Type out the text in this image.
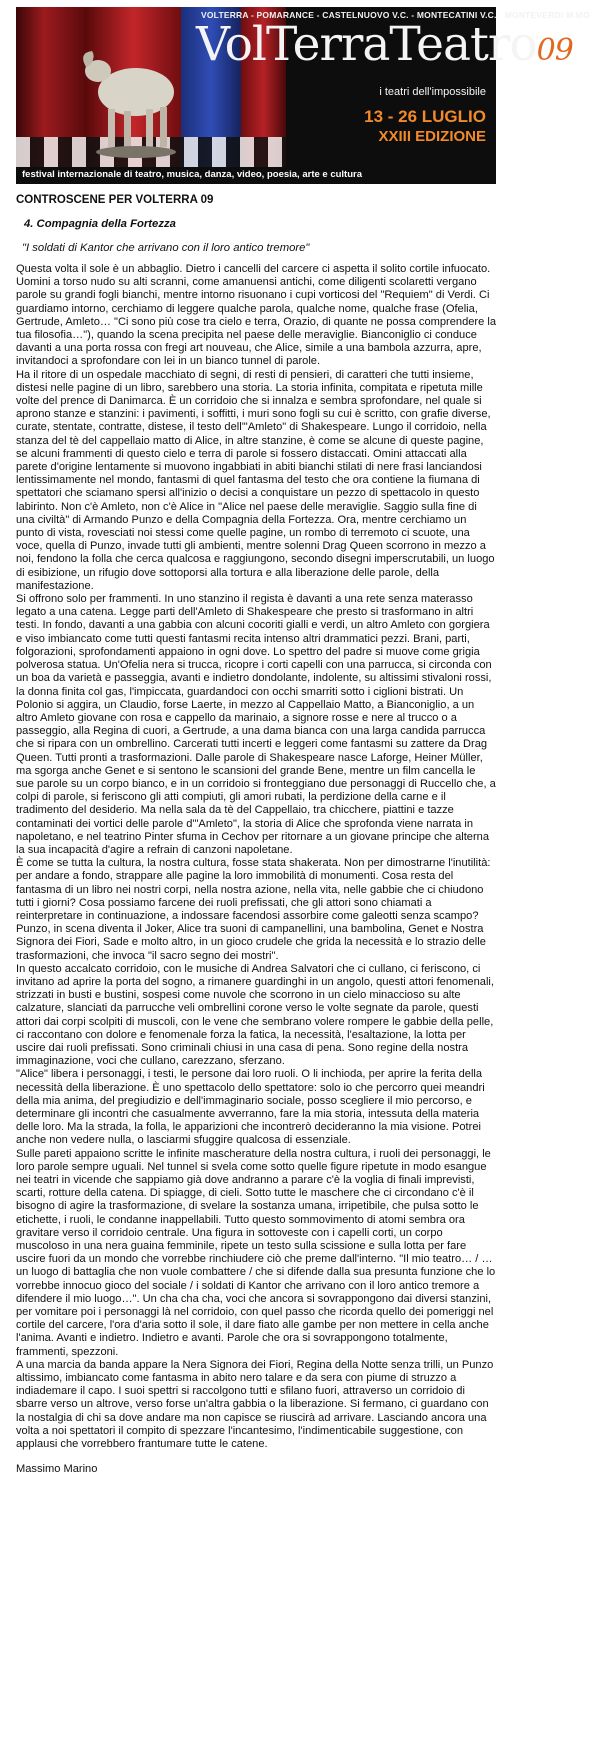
VOLTERRA - POMARANCE - CASTELNUOVO V.C. - MONTECATINI V.C. - MONTEVERDI M.MO
VolTerraTeatro09
i teatri dell'impossibile
13 - 26 LUGLIO
XXIII EDIZIONE
festival internazionale di teatro, musica, danza, video, poesia, arte e cultura
CONTROSCENE PER VOLTERRA 09
4. Compagnia della Fortezza
"I soldati di Kantor che arrivano con il loro antico tremore"

Questa volta il sole è un abbaglio. Dietro i cancelli del carcere ci aspetta il solito cortile infuocato. Uomini a torso nudo su alti scranni, come amanuensi antichi, come diligenti scolaretti vergano parole su grandi fogli bianchi, mentre intorno risuonano i cupi vorticosi del "Requiem" di Verdi. Ci guardiamo intorno, cerchiamo di leggere qualche parola, qualche nome, qualche frase (Ofelia, Gertrude, Amleto… "Ci sono più cose tra cielo e terra, Orazio, di quante ne possa comprendere la tua filosofia…"), quando la scena precipita nel paese delle meraviglie. Bianconiglio ci conduce davanti a una porta rossa con fregi art nouveau, che Alice, simile a una bambola azzurra, apre, invitandoci a sprofondare con lei in un bianco tunnel di parole.

Ha il ritore di un ospedale macchiato di segni, di resti di pensieri, di caratteri che tutti insieme, distesi nelle pagine di un libro, sarebbero una storia. La storia infinita, compitata e ripetuta mille volte del prence di Danimarca. È un corridoio che si innalza e sembra sprofondare, nel quale si aprono stanze e stanzini: i pavimenti, i soffitti, i muri sono fogli su cui è scritto, con grafie diverse, curate, stentate, contratte, distese, il testo dell'"Amleto" di Shakespeare. Lungo il corridoio, nella stanza del tè del cappellaio matto di Alice, in altre stanzine, è come se alcune di queste pagine, se alcuni frammenti di questo cielo e terra di parole si fossero distaccati. Omini attaccati alla parete d'origine lentamente si muovono ingabbiati in abiti bianchi stilati di nere frasi lanciandosi lentissimamente nel mondo, fantasmi di quel fantasma del testo che ora contiene la fiumana di spettatori che sciamano spersi all'inizio o decisi a conquistare un pezzo di spettacolo in questo labirinto. Non c'è Amleto, non c'è Alice in "Alice nel paese delle meraviglie. Saggio sulla fine di una civiltà" di Armando Punzo e della Compagnia della Fortezza. Ora, mentre cerchiamo un punto di vista, rovesciati noi stessi come quelle pagine, un rombo di terremoto ci scuote, una voce, quella di Punzo, invade tutti gli ambienti, mentre solenni Drag Queen scorrono in mezzo a noi, fendono la folla che cerca qualcosa e raggiungono, secondo disegni imperscrutabili, un luogo di esibizione, un rifugio dove sottoporsi alla tortura e alla liberazione delle parole, della manifestazione.

Si offrono solo per frammenti. In uno stanzino il regista è davanti a una rete senza materasso legato a una catena. Legge parti dell'Amleto di Shakespeare che presto si trasformano in altri testi. In fondo, davanti a una gabbia con alcuni cocoriti gialli e verdi, un altro Amleto con gorgiera e viso imbiancato come tutti questi fantasmi recita intenso altri drammatici pezzi. Brani, parti, folgorazioni, sprofondamenti appaiono in ogni dove. Lo spettro del padre si muove come grigia polverosa statua. Un'Ofelia nera si trucca, ricopre i corti capelli con una parrucca, si circonda con un boa da varietà e passeggia, avanti e indietro dondolante, indolente, su altissimi stivaloni rossi, la donna finita col gas, l'impiccata, guardandoci con occhi smarriti sotto i ciglioni bistrati. Un Polonio si aggira, un Claudio, forse Laerte, in mezzo al Cappellaio Matto, a Bianconiglio, a un altro Amleto giovane con rosa e cappello da marinaio, a signore rosse e nere al trucco o a passeggio, alla Regina di cuori, a Gertrude, a una dama bianca con una larga candida parrucca che si ripara con un ombrellino. Carcerati tutti incerti e leggeri come fantasmi su zattere da Drag Queen. Tutti pronti a trasformazioni. Dalle parole di Shakespeare nasce Laforge, Heiner Müller, ma sgorga anche Genet e si sentono le scansioni del grande Bene, mentre un film cancella le sue parole su un corpo bianco, e in un corridoio si fronteggiano due personaggi di Ruccello che, a colpi di parole, si feriscono gli atti compiuti, gli amori rubati, la perdizione della carne e il tradimento del desiderio. Ma nella sala da tè del Cappellaio, tra chicchere, piattini e tazze contaminati dei vortici delle parole d'"Amleto", la storia di Alice che sprofonda viene narrata in napoletano, e nel teatrino Pinter sfuma in Cechov per ritornare a un giovane principe che alterna la sua incapacità d'agire a refrain di canzoni napoletane.

È come se tutta la cultura, la nostra cultura, fosse stata shakerata. Non per dimostrarne l'inutilità: per andare a fondo, strappare alle pagine la loro immobilità di monumenti. Cosa resta del fantasma di un libro nei nostri corpi, nella nostra azione, nella vita, nelle gabbie che ci chiudono tutti i giorni? Cosa possiamo farcene dei ruoli prefissati, che gli attori sono chiamati a reinterpretare in continuazione, a indossare facendosi assorbire come galeotti senza scampo?

Punzo, in scena diventa il Joker, Alice tra suoni di campanellini, una bambolina, Genet e Nostra Signora dei Fiori, Sade e molto altro, in un gioco crudele che grida la necessità e lo strazio delle trasformazioni, che invoca "il sacro segno dei mostri".

In questo accalcato corridoio, con le musiche di Andrea Salvatori che ci cullano, ci feriscono, ci invitano ad aprire la porta del sogno, a rimanere guardinghi in un angolo, questi attori fenomenali, strizzati in busti e bustini, sospesi come nuvole che scorrono in un cielo minaccioso su alte calzature, slanciati da parrucche veli ombrellini corone verso le volte segnate da parole, questi attori dai corpi scolpiti di muscoli, con le vene che sembrano volere rompere le gabbie della pelle, ci raccontano con dolore e fenomenale forza la fatica, la necessità, l'esaltazione, la lotta per uscire dai ruoli prefissati. Sono criminali chiusi in una casa di pena. Sono regine della nostra immaginazione, voci che cullano, carezzano, sferzano.

"Alice" libera i personaggi, i testi, le persone dai loro ruoli. O li inchioda, per aprire la ferita della necessità della liberazione. È uno spettacolo dello spettatore: solo io che percorro quei meandri della mia anima, del pregiudizio e dell'immaginario sociale, posso scegliere il mio percorso, e determinare gli incontri che casualmente avverranno, fare la mia storia, intessuta della materia delle loro. Ma la strada, la folla, le apparizioni che incontrerò decideranno la mia visione. Potrei anche non vedere nulla, o lasciarmi sfuggire qualcosa di essenziale.

Sulle pareti appaiono scritte le infinite mascherature della nostra cultura, i ruoli dei personaggi, le loro parole sempre uguali. Nel tunnel si svela come sotto quelle figure ripetute in modo esangue nei teatri in vicende che sappiamo già dove andranno a parare c'è la voglia di finali imprevisti, scarti, rotture della catena. Di spiagge, di cieli. Sotto tutte le maschere che ci circondano c'è il bisogno di agire la trasformazione, di svelare la sostanza umana, irripetibile, che pulsa sotto le etichette, i ruoli, le condanne inappellabili. Tutto questo sommovimento di atomi sembra ora gravitare verso il corridoio centrale. Una figura in sottoveste con i capelli corti, un corpo muscoloso in una nera guaina femminile, ripete un testo sulla scissione e sulla lotta per fare uscire fuori da un mondo che vorrebbe rinchiudere ciò che preme dall'interno. "Il mio teatro… / …un luogo di battaglia che non vuole combattere / che si difende dalla sua presunta funzione che lo vorrebbe innocuo gioco del sociale / i soldati di Kantor che arrivano con il loro antico tremore a difendere il mio luogo…". Un cha cha cha, voci che ancora si sovrappongono dai diversi stanzini, per vomitare poi i personaggi là nel corridoio, con quel passo che ricorda quello dei pomeriggi nel cortile del carcere, l'ora d'aria sotto il sole, il dare fiato alle gambe per non mettere in cella anche l'anima. Avanti e indietro. Indietro e avanti. Parole che ora si sovrappongono totalmente, frammenti, spezzoni.

A una marcia da banda appare la Nera Signora dei Fiori, Regina della Notte senza trilli, un Punzo altissimo, imbiancato come fantasma in abito nero talare e da sera con piume di struzzo a indiademare il capo. I suoi spettri si raccolgono tutti e sfilano fuori, attraverso un corridoio di sbarre verso un altrove, verso forse un'altra gabbia o la liberazione. Si fermano, ci guardano con la nostalgia di chi sa dove andare ma non capisce se riuscirà ad arrivare. Lasciando ancora una volta a noi spettatori il compito di spezzare l'incantesimo, l'indimenticabile suggestione, con applausi che vorrebbero frantumare tutte le catene.

Massimo Marino
